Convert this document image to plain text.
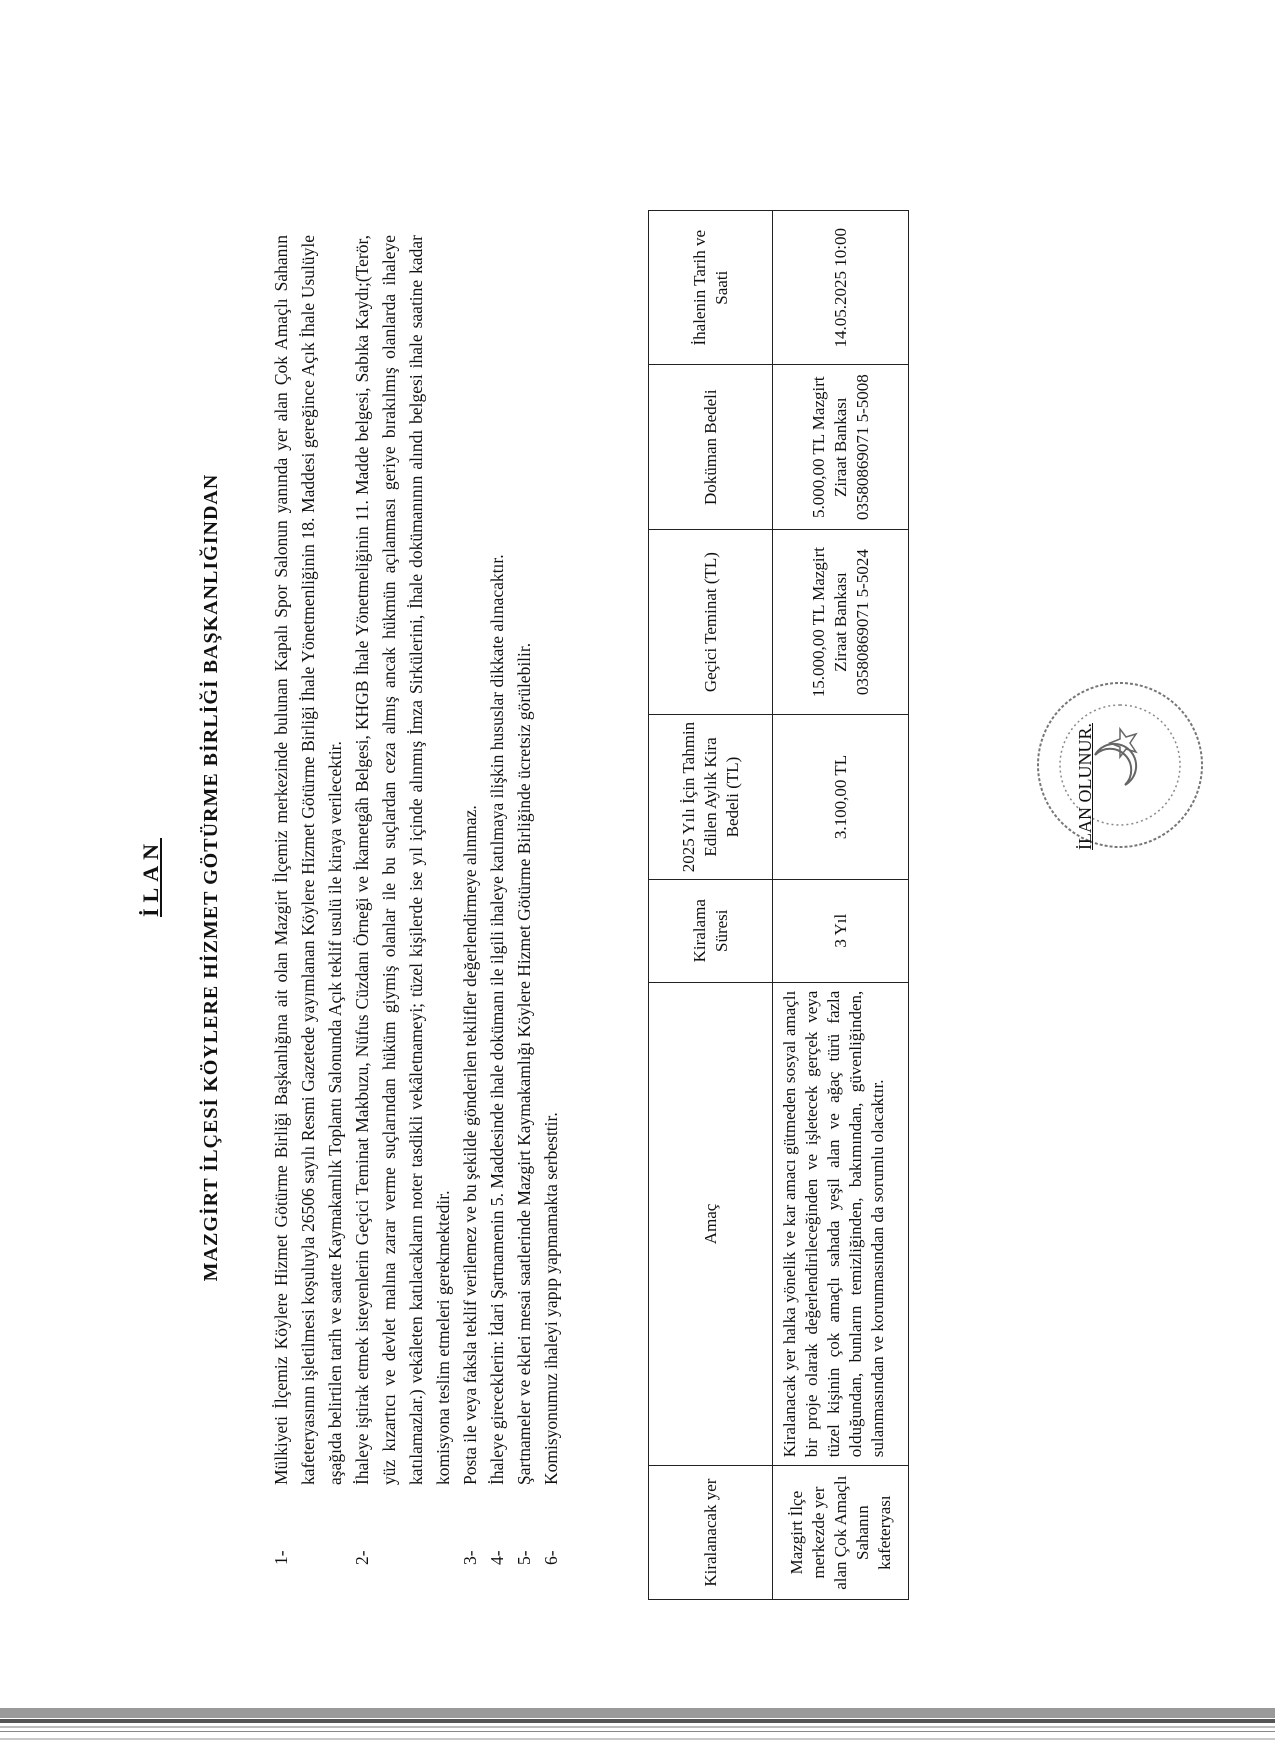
İLAN MAZGİRT İLÇESİ KÖYLERE HİZMET GÖTÜRME BİRLİĞİ BAŞKANLIĞINDAN
1-
Mülkiyeti İlçemiz Köylere Hizmet Götürme Birliği Başkanlığına ait olan Mazgirt İlçemiz merkezinde bulunan Kapalı Spor Salonun yanında yer alan Çok Amaçlı Sahanın kafeteryasının işletilmesi koşuluyla 26506 sayılı Resmi Gazetede yayımlanan Köylere Hizmet Götürme Birliği İhale Yönetmenliğinin 18. Maddesi gereğince Açık İhale Usulüyle aşağıda belirtilen tarih ve saatte Kaymakamlık Toplantı Salonunda Açık teklif usulü ile kiraya verilecektir.
2-
İhaleye iştirak etmek isteyenlerin Geçici Teminat Makbuzu, Nüfus Cüzdanı Örneği ve İkametgâh Belgesi, KHGB İhale Yönetmeliğinin 11. Madde belgesi, Sabıka Kaydı;(Terör, yüz kızartıcı ve devlet malına zarar verme suçlarından hüküm giymiş olanlar ile bu suçlardan ceza almış ancak hükmün açılanması geriye bırakılmış olanlarda ihaleye katılamazlar.) vekâleten katılacakların noter tasdikli vekâletnameyi; tüzel kişilerde ise yıl içinde alınmış İmza Sirkülerini, İhale dokümanının alındı belgesi ihale saatine kadar komisyona teslim etmeleri gerekmektedir.
3-
Posta ile veya faksla teklif verilemez ve bu şekilde gönderilen teklifler değerlendirmeye alınmaz.
4-
İhaleye gireceklerin: İdari Şartnamenin 5. Maddesinde ihale dokümanı ile ilgili ihaleye katılmaya ilişkin hususlar dikkate alınacaktır.
5-
Şartnameler ve ekleri mesai saatlerinde Mazgirt Kaymakamlığı Köylere Hizmet Götürme Birliğinde ücretsiz görülebilir.
6-
Komisyonumuz ihaleyi yapıp yapmamakta serbesttir.
Kiralanacak yer	Amaç	Kiralama Süresi	2025 Yılı İçin Tahmin Edilen Aylık Kira Bedeli (TL)	Geçici Teminat (TL)	Doküman Bedeli	İhalenin Tarih ve Saati
Mazgirt İlçe merkezde yer alan Çok Amaçlı Sahanın kafeteryası	Kiralanacak yer halka yönelik ve kar amacı gütmeden sosyal amaçlı bir proje olarak değerlendirileceğinden ve işletecek gerçek veya tüzel kişinin çok amaçlı sahada yeşil alan ve ağaç türü fazla olduğundan, bunların temizliğinden, bakımından, güvenliğinden, sulanmasından ve korunmasından da sorumlu olacaktır.	3 Yıl	3.100,00 TL	15.000,00 TL Mazgirt Ziraat Bankası 03580869071 5-5024	5.000,00 TL Mazgirt Ziraat Bankası 03580869071 5-5008	14.05.2025 10:00
İLAN OLUNUR.
